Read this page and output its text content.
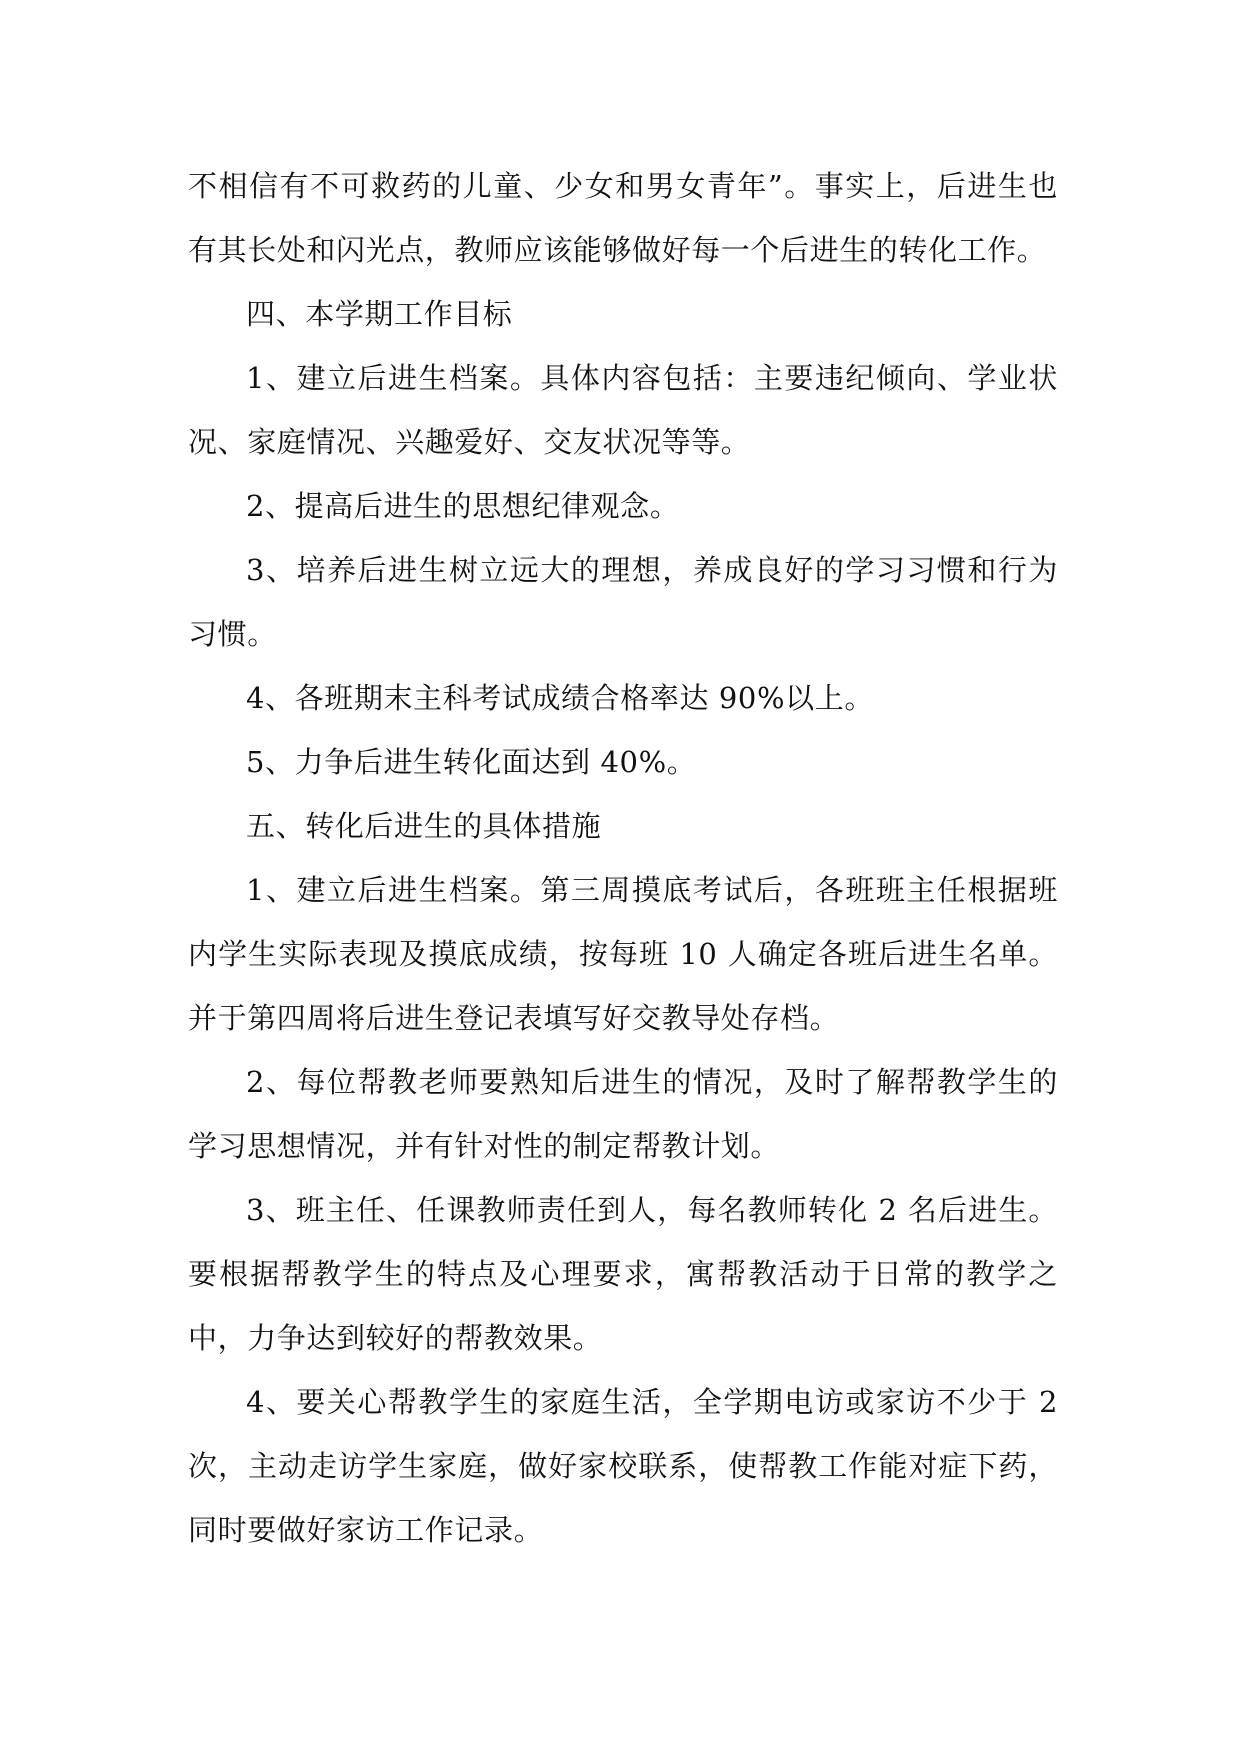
不相信有不可救药的儿童、少女和男女青年”。事实上，后进生也有其长处和闪光点，教师应该能够做好每一个后进生的转化工作。

四、本学期工作目标

1、建立后进生档案。具体内容包括：主要违纪倾向、学业状况、家庭情况、兴趣爱好、交友状况等等。

2、提高后进生的思想纪律观念。

3、培养后进生树立远大的理想，养成良好的学习习惯和行为习惯。

4、各班期末主科考试成绩合格率达 90%以上。

5、力争后进生转化面达到 40%。

五、转化后进生的具体措施

1、建立后进生档案。第三周摸底考试后，各班班主任根据班内学生实际表现及摸底成绩，按每班 10 人确定各班后进生名单。并于第四周将后进生登记表填写好交教导处存档。

2、每位帮教老师要熟知后进生的情况，及时了解帮教学生的学习思想情况，并有针对性的制定帮教计划。

3、班主任、任课教师责任到人，每名教师转化 2 名后进生。要根据帮教学生的特点及心理要求，寓帮教活动于日常的教学之中，力争达到较好的帮教效果。

4、要关心帮教学生的家庭生活，全学期电访或家访不少于 2 次，主动走访学生家庭，做好家校联系，使帮教工作能对症下药，同时要做好家访工作记录。
